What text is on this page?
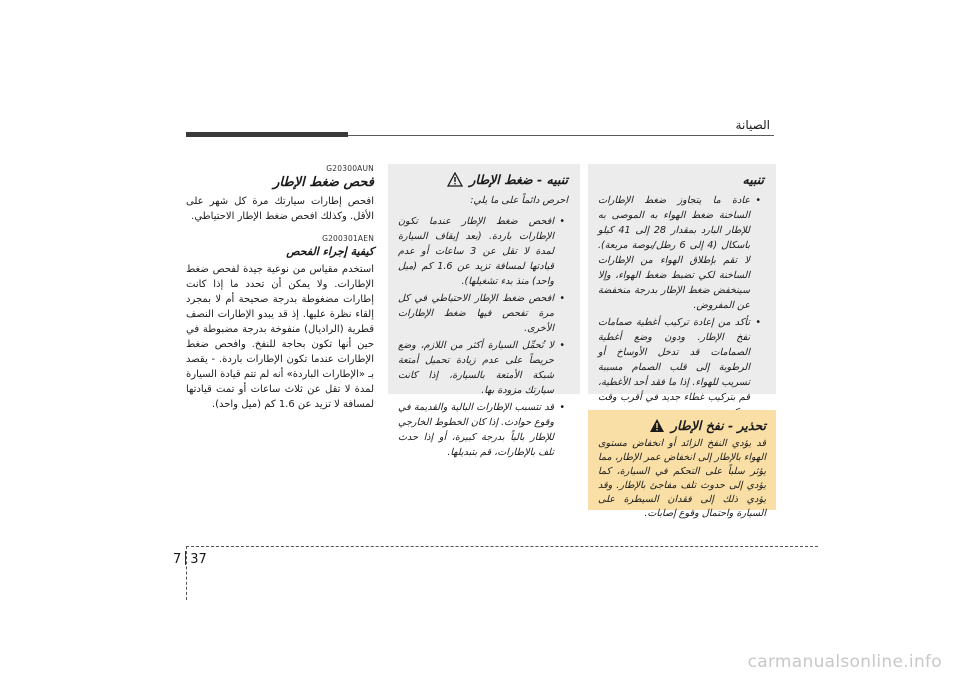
الصيانة
G20300AUN
فحص ضغط الإطار

افحص إطارات سيارتك مرة كل شهر على الأقل. وكذلك افحص ضغط الإطار الاحتياطي.

G200301AEN
كيفية إجراء الفحص

استخدم مقياس من نوعية جيدة لفحص ضغط الإطارات. ولا يمكن أن تحدد ما إذا كانت إطارات مضغوطة بدرجة صحيحة أم لا بمجرد إلقاء نظرة عليها. إذ قد يبدو الإطارات النصف قطرية (الراديال) منفوخة بدرجة مضبوطة في حين أنها تكون بحاجة للنفخ. وافحص ضغط الإطارات عندما تكون الإطارات باردة. - يقصد بـ «الإطارات الباردة» أنه لم تتم قيادة السيارة لمدة لا تقل عن ثلاث ساعات أو تمت قيادتها لمسافة لا تزيد عن 1.6 كم (ميل واحد).

تنبيه - ضغط الإطار
احرص دائماً على ما يلي:
• افحص ضغط الإطار عندما تكون الإطارات باردة. (بعد إيقاف السيارة لمدة لا تقل عن 3 ساعات أو عدم قيادتها لمسافة تزيد عن 1.6 كم (ميل واحد) منذ بدء تشغيلها).
• افحص ضغط الإطار الاحتياطي في كل مرة تفحص فيها ضغط الإطارات الأخرى.
• لا تُحمِّل السيارة أكثر من اللازم، وضع حريصاً على عدم زيادة تحميل أمتعة شبكة الأمتعة بالسيارة، إذا كانت سيارتك مزودة بها.
• قد تتسبب الإطارات البالية والقديمة في وقوع حوادث. إذا كان الخطوط الخارجي للإطار بالياً بدرجة كبيرة، أو إذا حدث تلف بالإطارات، قم بتبديلها.
تنبيه
• عادة ما يتجاوز ضغط الإطارات الساخنة ضغط الهواء به الموصى به للإطار البارد بمقدار 28 إلى 41 كيلو باسكال (4 إلى 6 رطل/بوصة مربعة). لا تقم بإطلاق الهواء من الإطارات الساخنة لكي تضبط ضغط الهواء، وإلا سينخفض ضغط الإطار بدرجة منخفضة عن المفروض.
• تأكد من إعادة تركيب أغطية صمامات نفخ الإطار. ودون وضع أغطية الصمامات قد تدخل الأوساخ أو الرطوبة إلى قلب الصمام مسببة تسريب للهواء. إذا ما فقد أحد الأغطية، قم بتركيب غطاء جديد في أقرب وقت
تحذير - نفخ الإطار

قد يؤدي النفخ الزائد أو انخفاض مستوى الهواء بالإطار إلى انخفاض عمر الإطار، مما يؤثر سلباً على التحكم في السيارة، كما يؤدي إلى حدوث تلف مفاجئ بالإطار. وقد يؤدي ذلك إلى فقدان السيطرة على السيارة واحتمال وقوع إصابات.

7 37
carmanualsonline.info
